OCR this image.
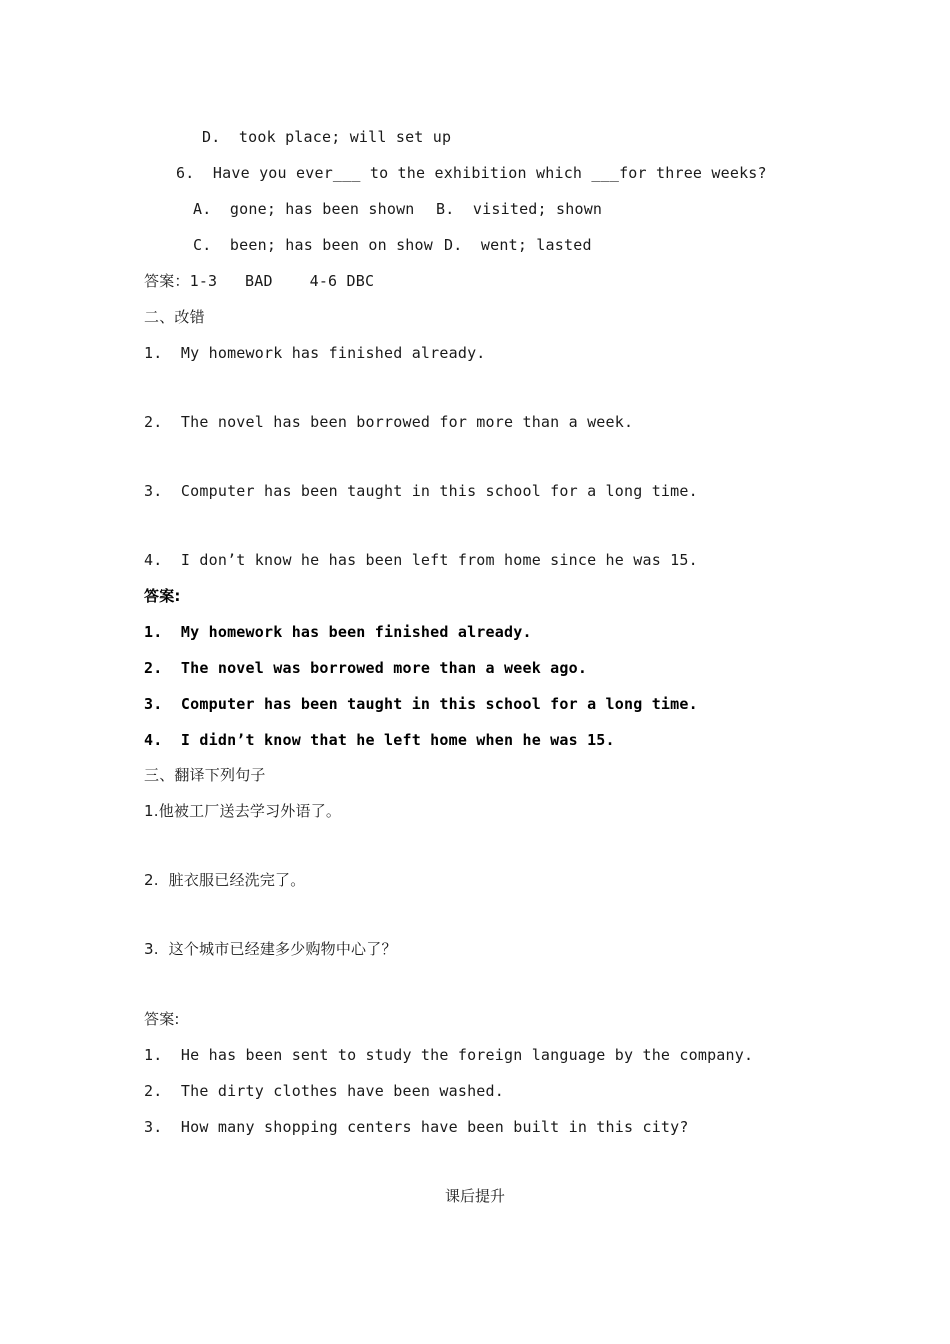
D.  took place; will set up
6.  Have you ever___ to the exhibition which ___for three weeks?
A.  gone; has been shown B.  visited; shown
C.  been; has been on show D.  went; lasted
答案：1-3   BAD    4-6 DBC
二、改错
1.  My homework has finished already.
2.  The novel has been borrowed for more than a week.
3.  Computer has been taught in this school for a long time.
4.  I don’t know he has been left from home since he was 15.
答案:
1.  My homework has been finished already.
2.  The novel was borrowed more than a week ago.
3.  Computer has been taught in this school for a long time.
4.  I didn’t know that he left home when he was 15.
三、翻译下列句子
1.他被工厂送去学习外语了。
2.  脏衣服已经洗完了。
3.  这个城市已经建多少购物中心了？
答案:
1.  He has been sent to study the foreign language by the company.
2.  The dirty clothes have been washed.
3.  How many shopping centers have been built in this city?
课后提升
